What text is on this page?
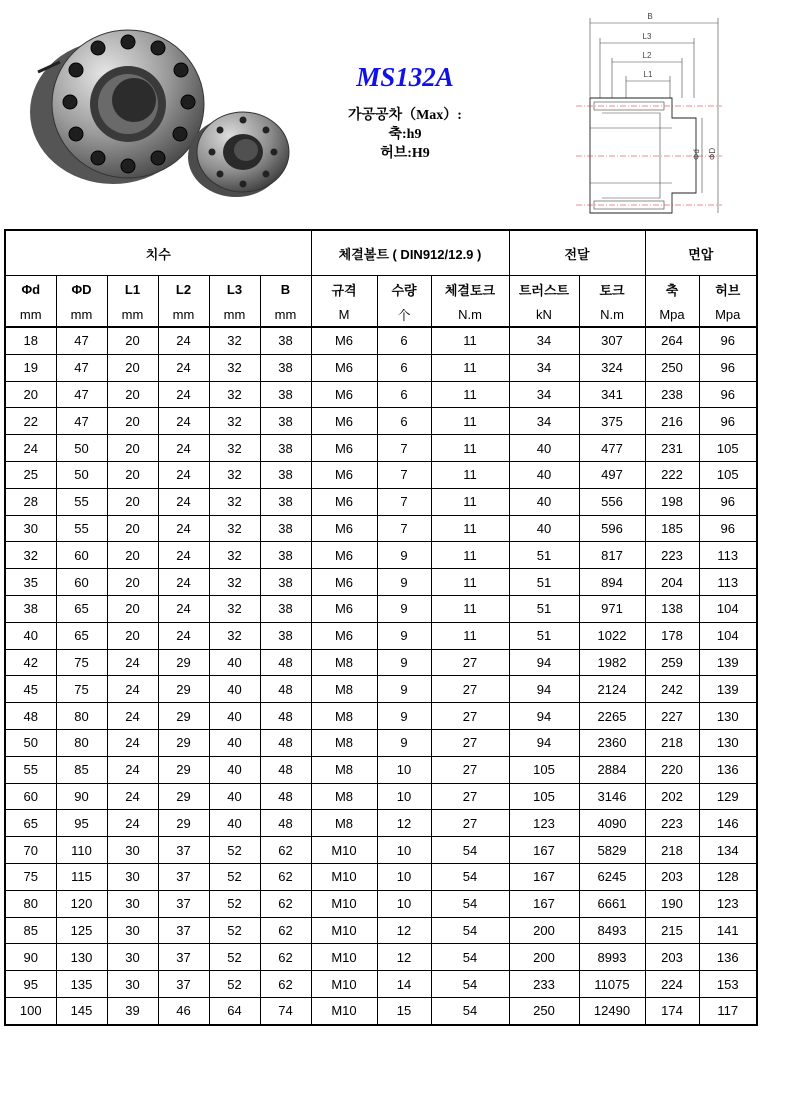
MS132A
가공공차（Max）:
축:h9
허브:H9
B
L3
L2
L1
Φd ΦD
치수						체결볼트 ( DIN912/12.9 )			전달		면압	
Φd	ΦD	L1	L2	L3	B	규격	수량	체결토크	트러스트	토크	축	허브
mm	mm	mm	mm	mm	mm	M	个	N.m	kN	N.m	Mpa	Mpa
18	47	20	24	32	38	M6	6	11	34	307	264	96
19	47	20	24	32	38	M6	6	11	34	324	250	96
20	47	20	24	32	38	M6	6	11	34	341	238	96
22	47	20	24	32	38	M6	6	11	34	375	216	96
24	50	20	24	32	38	M6	7	11	40	477	231	105
25	50	20	24	32	38	M6	7	11	40	497	222	105
28	55	20	24	32	38	M6	7	11	40	556	198	96
30	55	20	24	32	38	M6	7	11	40	596	185	96
32	60	20	24	32	38	M6	9	11	51	817	223	113
35	60	20	24	32	38	M6	9	11	51	894	204	113
38	65	20	24	32	38	M6	9	11	51	971	138	104
40	65	20	24	32	38	M6	9	11	51	1022	178	104
42	75	24	29	40	48	M8	9	27	94	1982	259	139
45	75	24	29	40	48	M8	9	27	94	2124	242	139
48	80	24	29	40	48	M8	9	27	94	2265	227	130
50	80	24	29	40	48	M8	9	27	94	2360	218	130
55	85	24	29	40	48	M8	10	27	105	2884	220	136
60	90	24	29	40	48	M8	10	27	105	3146	202	129
65	95	24	29	40	48	M8	12	27	123	4090	223	146
70	110	30	37	52	62	M10	10	54	167	5829	218	134
75	115	30	37	52	62	M10	10	54	167	6245	203	128
80	120	30	37	52	62	M10	10	54	167	6661	190	123
85	125	30	37	52	62	M10	12	54	200	8493	215	141
90	130	30	37	52	62	M10	12	54	200	8993	203	136
95	135	30	37	52	62	M10	14	54	233	11075	224	153
100	145	39	46	64	74	M10	15	54	250	12490	174	117
